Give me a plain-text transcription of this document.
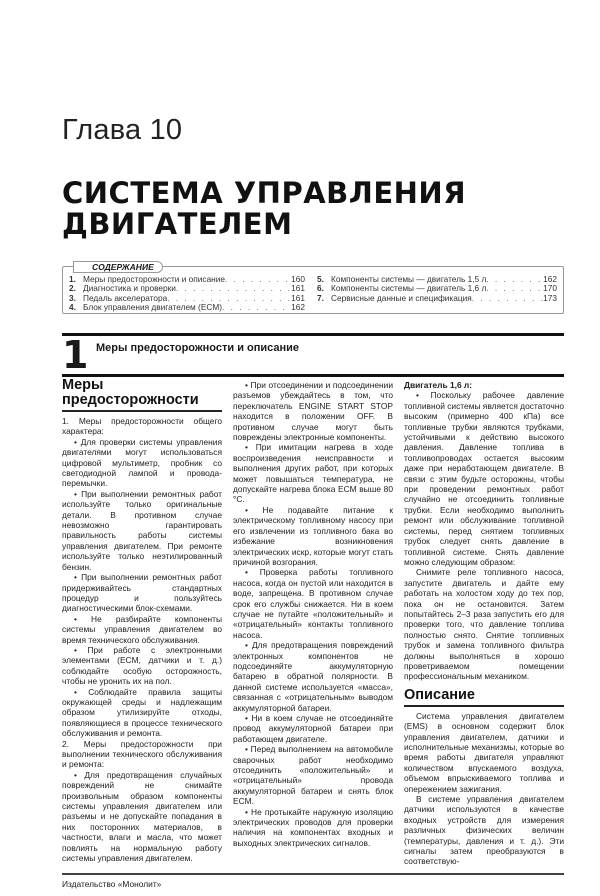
Глава 10
СИСТЕМА УПРАВЛЕНИЯ
ДВИГАТЕЛЕМ
СОДЕРЖАНИЕ
1. Меры предосторожности и описание . . .	160
2. Диагностика и проверки . . .	161
3. Педаль акселератора . . .	161
4. Блок управления двигателем (ECM) . . .	162
5. Компоненты системы — двигатель 1,5 л . . .	162
6. Компоненты системы — двигатель 1,6 л . . .	170
7. Сервисные данные и спецификация . . .	173
1 Меры предосторожности и описание
Меры предосторожности

1. Меры предосторожности общего характера:

• Для проверки системы управления двигателями могут использоваться цифровой мультиметр, пробник со светодиодной лампой и провода-перемычки.

• При выполнении ремонтных работ используйте только оригинальные детали. В противном случае невозможно гарантировать правильность работы системы управления двигателем. При ремонте используйте только неэтилированный бензин.

• При выполнении ремонтных работ придерживайтесь стандартных процедур и пользуйтесь диагностическими блок-схемами.

• Не разбирайте компоненты системы управления двигателем во время технического обслуживания.

• При работе с электронными элементами (ECM, датчики и т. д.) соблюдайте особую осторожность, чтобы не уронить их на пол.

• Соблюдайте правила защиты окружающей среды и надлежащим образом утилизируйте отходы, появляющиеся в процессе технического обслуживания и ремонта.

2. Меры предосторожности при выполнении технического обслуживания и ремонта:

• Для предотвращения случайных повреждений не снимайте произвольным образом компоненты системы управления двигателем или разъемы и не допускайте попадания в них посторонних материалов, в частности, влаги и масла, что может повлиять на нормальную работу системы управления двигателем.

• При отсоединении и подсоединении разъемов убеждайтесь в том, что переключатель ENGINE START STOP находится в положении OFF. В противном случае могут быть повреждены электронные компоненты.

• При имитации нагрева в ходе воспроизведения неисправности и выполнения других работ, при которых может повышаться температура, не допускайте нагрева блока ECM выше 80 °C.

• Не подавайте питание к электрическому топливному насосу при его извлечении из топливного бака во избежание возникновения электрических искр, которые могут стать причиной возгорания.

• Проверка работы топливного насоса, когда он пустой или находится в воде, запрещена. В противном случае срок его службы снижается. Ни в коем случае не путайте «положительный» и «отрицательный» контакты топливного насоса.

• Для предотвращения повреждений электронных компонентов не подсоединяйте аккумуляторную батарею в обратной полярности. В данной системе используется «масса», связанная с «отрицательным» выводом аккумуляторной батареи.

• Ни в коем случае не отсоединяйте провод аккумуляторной батареи при работающем двигателе.

• Перед выполнением на автомобиле сварочных работ необходимо отсоединить «положительный» и «отрицательный» провода аккумуляторной батареи и снять блок ECM.

• Не протыкайте наружную изоляцию электрических проводов для проверки наличия на компонентах входных и выходных электрических сигналов.

Двигатель 1,6 л:

• Поскольку рабочее давление топливной системы является достаточно высоким (примерно 400 кПа) все топливные трубки являются трубками, устойчивыми к действию высокого давления. Давление топлива в топливопроводах остается высоким даже при неработающем двигателе. В связи с этим будьте осторожны, чтобы при проведении ремонтных работ случайно не отсоединить топливные трубки. Если необходимо выполнить ремонт или обслуживание топливной системы, перед снятием топливных трубок следует снять давление в топливной системе. Снять давление можно следующим образом:

Снимите реле топливного насоса, запустите двигатель и дайте ему работать на холостом ходу до тех пор, пока он не остановится. Затем попытайтесь 2–3 раза запустить его для проверки того, что давление топлива полностью снято. Снятие топливных трубок и замена топливного фильтра должны выполняться в хорошо проветриваемом помещении профессиональным механиком.

Описание

Система управления двигателем (EMS) в основном содержит блок управления двигателем, датчики и исполнительные механизмы, которые во время работы двигателя управляют количеством впускаемого воздуха, объемом впрыскиваемого топлива и опережением зажигания.

В системе управления двигателем датчики используются в качестве входных устройств для измерения различных физических величин (температуры, давления и т. д.). Эти сигналы затем преобразуются в соответствую-

Издательство «Монолит»
